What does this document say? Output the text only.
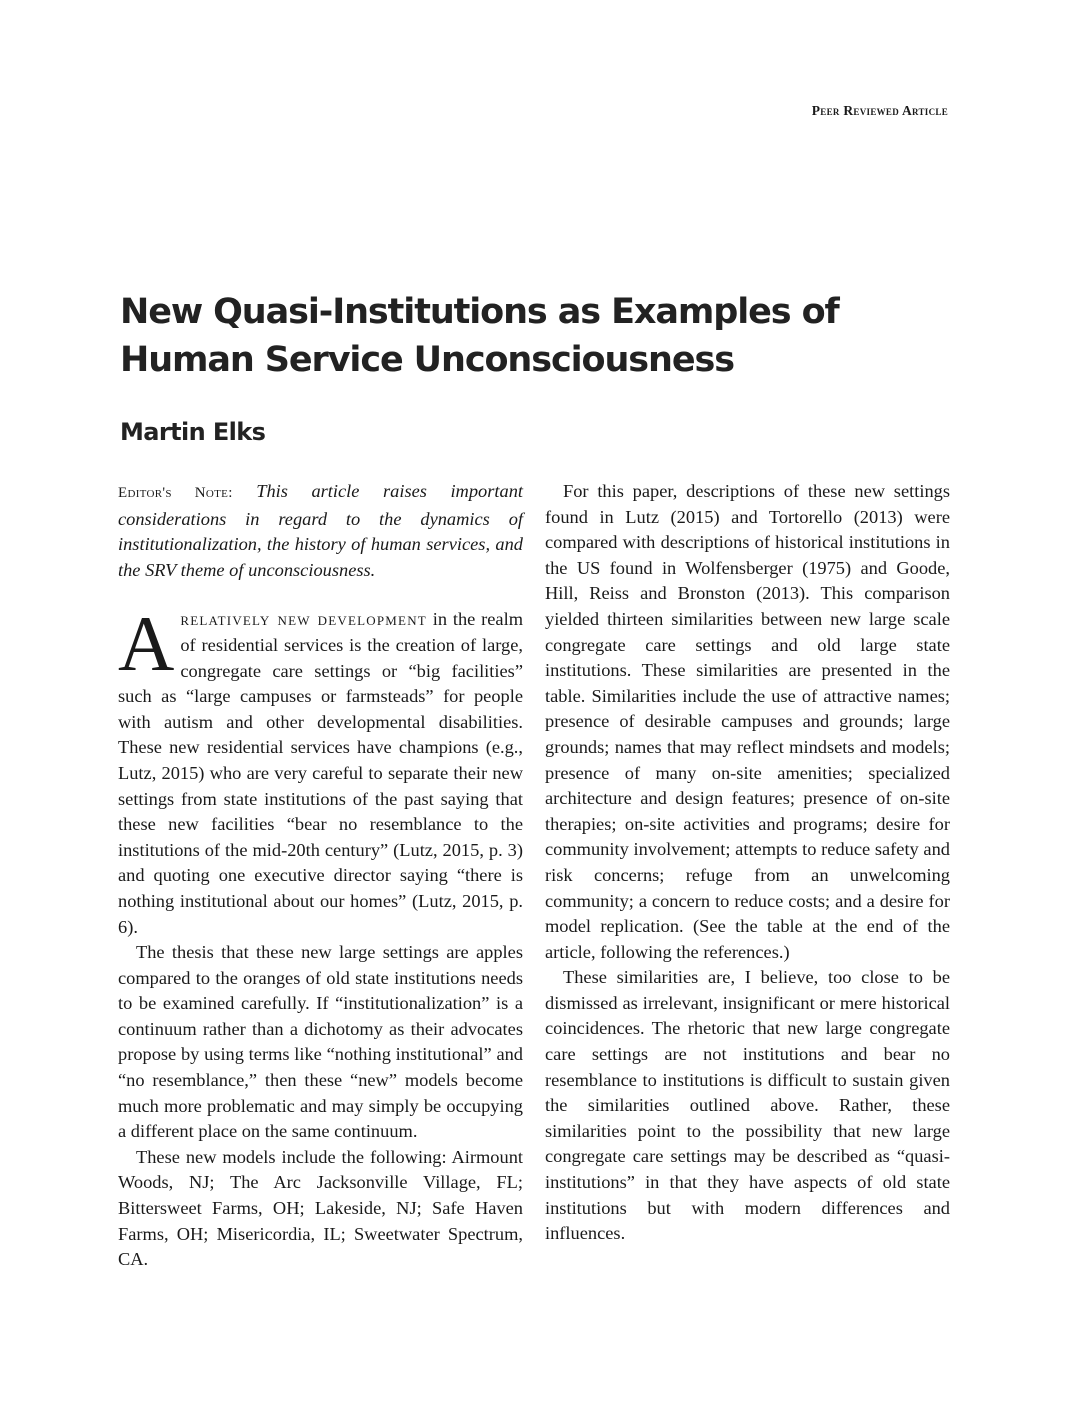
Peer Reviewed Article
New Quasi-Institutions as Examples of Human Service Unconsciousness
Martin Elks

Editor's Note: This article raises important considerations in regard to the dynamics of institutionalization, the history of human services, and the SRV theme of unconsciousness.

Arelatively new development in the realm of residential services is the creation of large, congregate care settings or “big facilities” such as “large campuses or farmsteads” for people with autism and other developmental disabilities. These new residential services have champions (e.g., Lutz, 2015) who are very careful to separate their new settings from state institutions of the past saying that these new facilities “bear no resemblance to the institutions of the mid-20th century” (Lutz, 2015, p. 3) and quoting one executive director saying “there is nothing institutional about our homes” (Lutz, 2015, p. 6).

The thesis that these new large settings are apples compared to the oranges of old state institutions needs to be examined carefully. If “institutionalization” is a continuum rather than a dichotomy as their advocates propose by using terms like “nothing institutional” and “no resemblance,” then these “new” models become much more problematic and may simply be occupying a different place on the same continuum.

These new models include the following: Airmount Woods, NJ; The Arc Jacksonville Village, FL; Bittersweet Farms, OH; Lakeside, NJ; Safe Haven Farms, OH; Misericordia, IL; Sweetwater Spectrum, CA.

For this paper, descriptions of these new settings found in Lutz (2015) and Tortorello (2013) were compared with descriptions of historical institutions in the US found in Wolfensberger (1975) and Goode, Hill, Reiss and Bronston (2013). This comparison yielded thirteen similarities between new large scale congregate care settings and old large state institutions. These similarities are presented in the table. Similarities include the use of attractive names; presence of desirable campuses and grounds; large grounds; names that may reflect mindsets and models; presence of many on-site amenities; specialized architecture and design features; presence of on-site therapies; on-site activities and programs; desire for community involvement; attempts to reduce safety and risk concerns; refuge from an unwelcoming community; a concern to reduce costs; and a desire for model replication. (See the table at the end of the article, following the references.)

These similarities are, I believe, too close to be dismissed as irrelevant, insignificant or mere historical coincidences. The rhetoric that new large congregate care settings are not institutions and bear no resemblance to institutions is difficult to sustain given the similarities outlined above. Rather, these similarities point to the possibility that new large congregate care settings may be described as “quasi-institutions” in that they have aspects of old state institutions but with modern differences and influences.
